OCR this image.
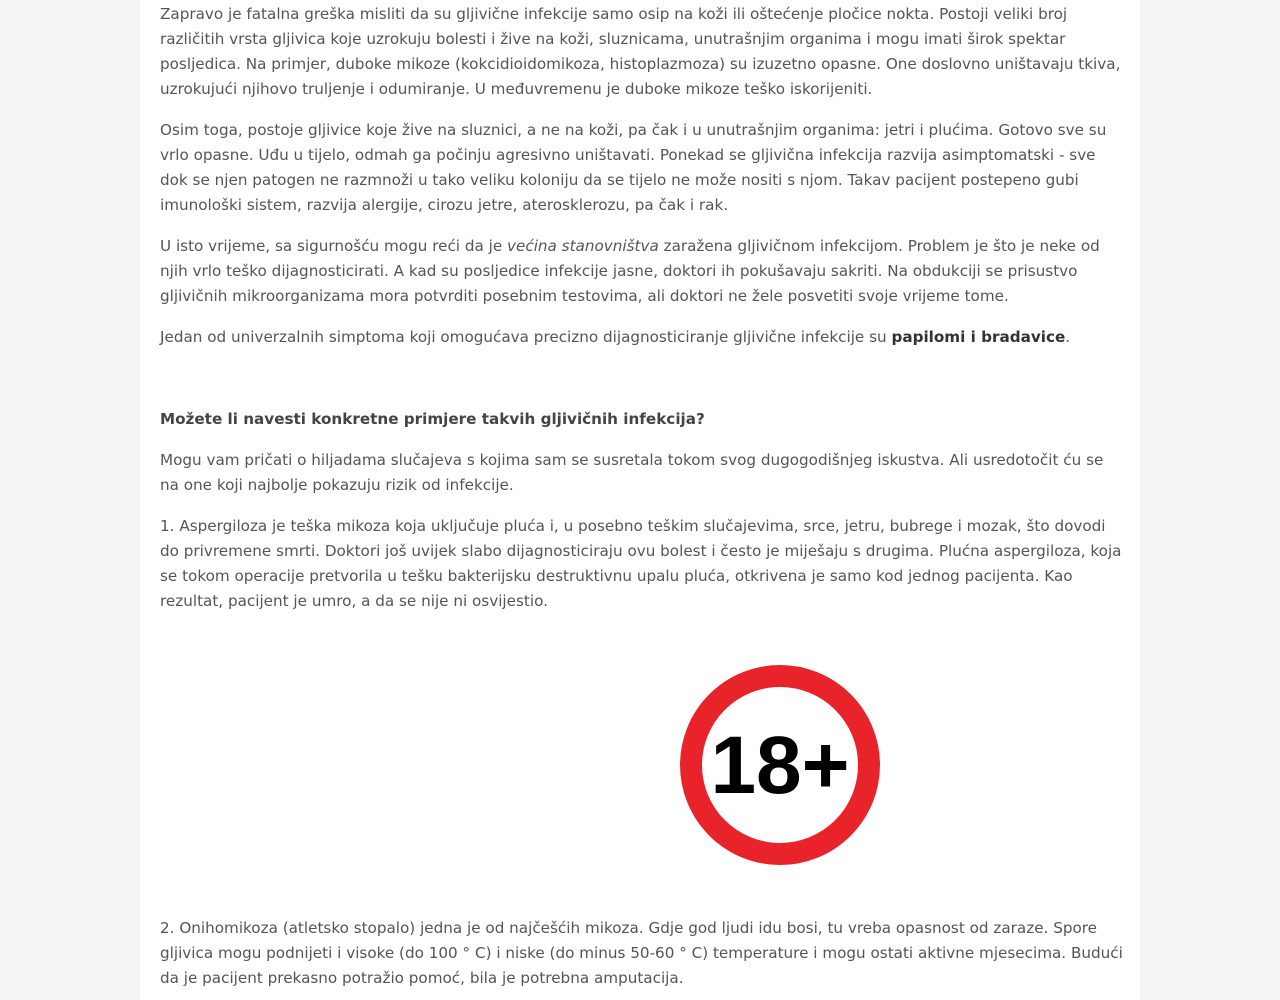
Zapravo je fatalna greška misliti da su gljivične infekcije samo osip na koži ili oštećenje pločice nokta. Postoji veliki broj različitih vrsta gljivica koje uzrokuju bolesti i žive na koži, sluznicama, unutrašnjim organima i mogu imati širok spektar posljedica. Na primjer, duboke mikoze (kokcidioidomikoza, histoplazmoza) su izuzetno opasne. One doslovno uništavaju tkiva, uzrokujući njihovo truljenje i odumiranje. U međuvremenu je duboke mikoze teško iskorijeniti.

Osim toga, postoje gljivice koje žive na sluznici, a ne na koži, pa čak i u unutrašnjim organima: jetri i plućima. Gotovo sve su vrlo opasne. Uđu u tijelo, odmah ga počinju agresivno uništavati. Ponekad se gljivična infekcija razvija asimptomatski - sve dok se njen patogen ne razmnoži u tako veliku koloniju da se tijelo ne može nositi s njom. Takav pacijent postepeno gubi imunološki sistem, razvija alergije, cirozu jetre, aterosklerozu, pa čak i rak.

U isto vrijeme, sa sigurnošću mogu reći da je većina stanovništva zaražena gljivičnom infekcijom. Problem je što je neke od njih vrlo teško dijagnosticirati. A kad su posljedice infekcije jasne, doktori ih pokušavaju sakriti. Na obdukciji se prisustvo gljivičnih mikroorganizama mora potvrditi posebnim testovima, ali doktori ne žele posvetiti svoje vrijeme tome.

Jedan od univerzalnih simptoma koji omogućava precizno dijagnosticiranje gljivične infekcije su papilomi i bradavice.

Možete li navesti konkretne primjere takvih gljivičnih infekcija?

Mogu vam pričati o hiljadama slučajeva s kojima sam se susretala tokom svog dugogodišnjeg iskustva. Ali usredotočit ću se na one koji najbolje pokazuju rizik od infekcije.

1. Aspergiloza je teška mikoza koja uključuje pluća i, u posebno teškim slučajevima, srce, jetru, bubrege i mozak, što dovodi do privremene smrti. Doktori još uvijek slabo dijagnosticiraju ovu bolest i često je miješaju s drugima. Plućna aspergiloza, koja se tokom operacije pretvorila u tešku bakterijsku destruktivnu upalu pluća, otkrivena je samo kod jednog pacijenta. Kao rezultat, pacijent je umro, a da se nije ni osvijestio.

2. Onihomikoza (atletsko stopalo) jedna je od najčešćih mikoza. Gdje god ljudi idu bosi, tu vreba opasnost od zaraze. Spore gljivica mogu podnijeti i visoke (do 100 ° C) i niske (do minus 50-60 ° C) temperature i mogu ostati aktivne mjesecima. Budući da je pacijent prekasno potražio pomoć, bila je potrebna amputacija.

18+
